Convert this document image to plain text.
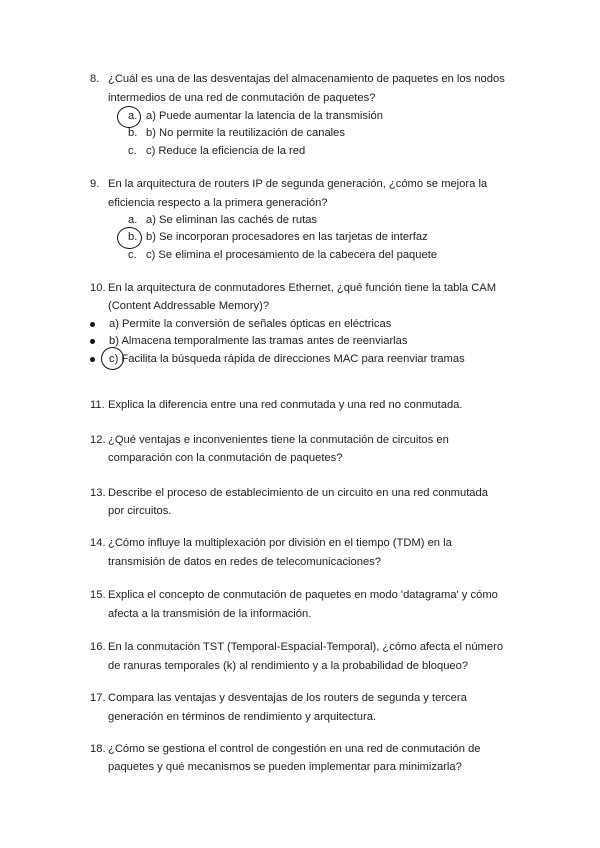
8. ¿Cuál es una de las desventajas del almacenamiento de paquetes en los nodos
intermedios de una red de conmutación de paquetes?
a. a) Puede aumentar la latencia de la transmisión
b. b) No permite la reutilización de canales
c. c) Reduce la eficiencia de la red
9. En la arquitectura de routers IP de segunda generación, ¿cómo se mejora la
eficiencia respecto a la primera generación?
a. a) Se eliminan las cachés de rutas
b. b) Se incorporan procesadores en las tarjetas de interfaz
c. c) Se elimina el procesamiento de la cabecera del paquete
10. En la arquitectura de conmutadores Ethernet, ¿qué función tiene la tabla CAM
(Content Addressable Memory)?
a) Permite la conversión de señales ópticas en eléctricas
b) Almacena temporalmente las tramas antes de reenviarlas
c) Facilita la búsqueda rápida de direcciones MAC para reenviar tramas
11. Explica la diferencia entre una red conmutada y una red no conmutada.
12. ¿Qué ventajas e inconvenientes tiene la conmutación de circuitos en
comparación con la conmutación de paquetes?
13. Describe el proceso de establecimiento de un circuito en una red conmutada
por circuitos.
14. ¿Cómo influye la multiplexación por división en el tiempo (TDM) en la
transmisión de datos en redes de telecomunicaciones?
15. Explica el concepto de conmutación de paquetes en modo 'datagrama' y cómo
afecta a la transmisión de la información.
16. En la conmutación TST (Temporal-Espacial-Temporal), ¿cómo afecta el número
de ranuras temporales (k) al rendimiento y a la probabilidad de bloqueo?
17. Compara las ventajas y desventajas de los routers de segunda y tercera
generación en términos de rendimiento y arquitectura.
18. ¿Cómo se gestiona el control de congestión en una red de conmutación de
paquetes y qué mecanismos se pueden implementar para minimizarla?
